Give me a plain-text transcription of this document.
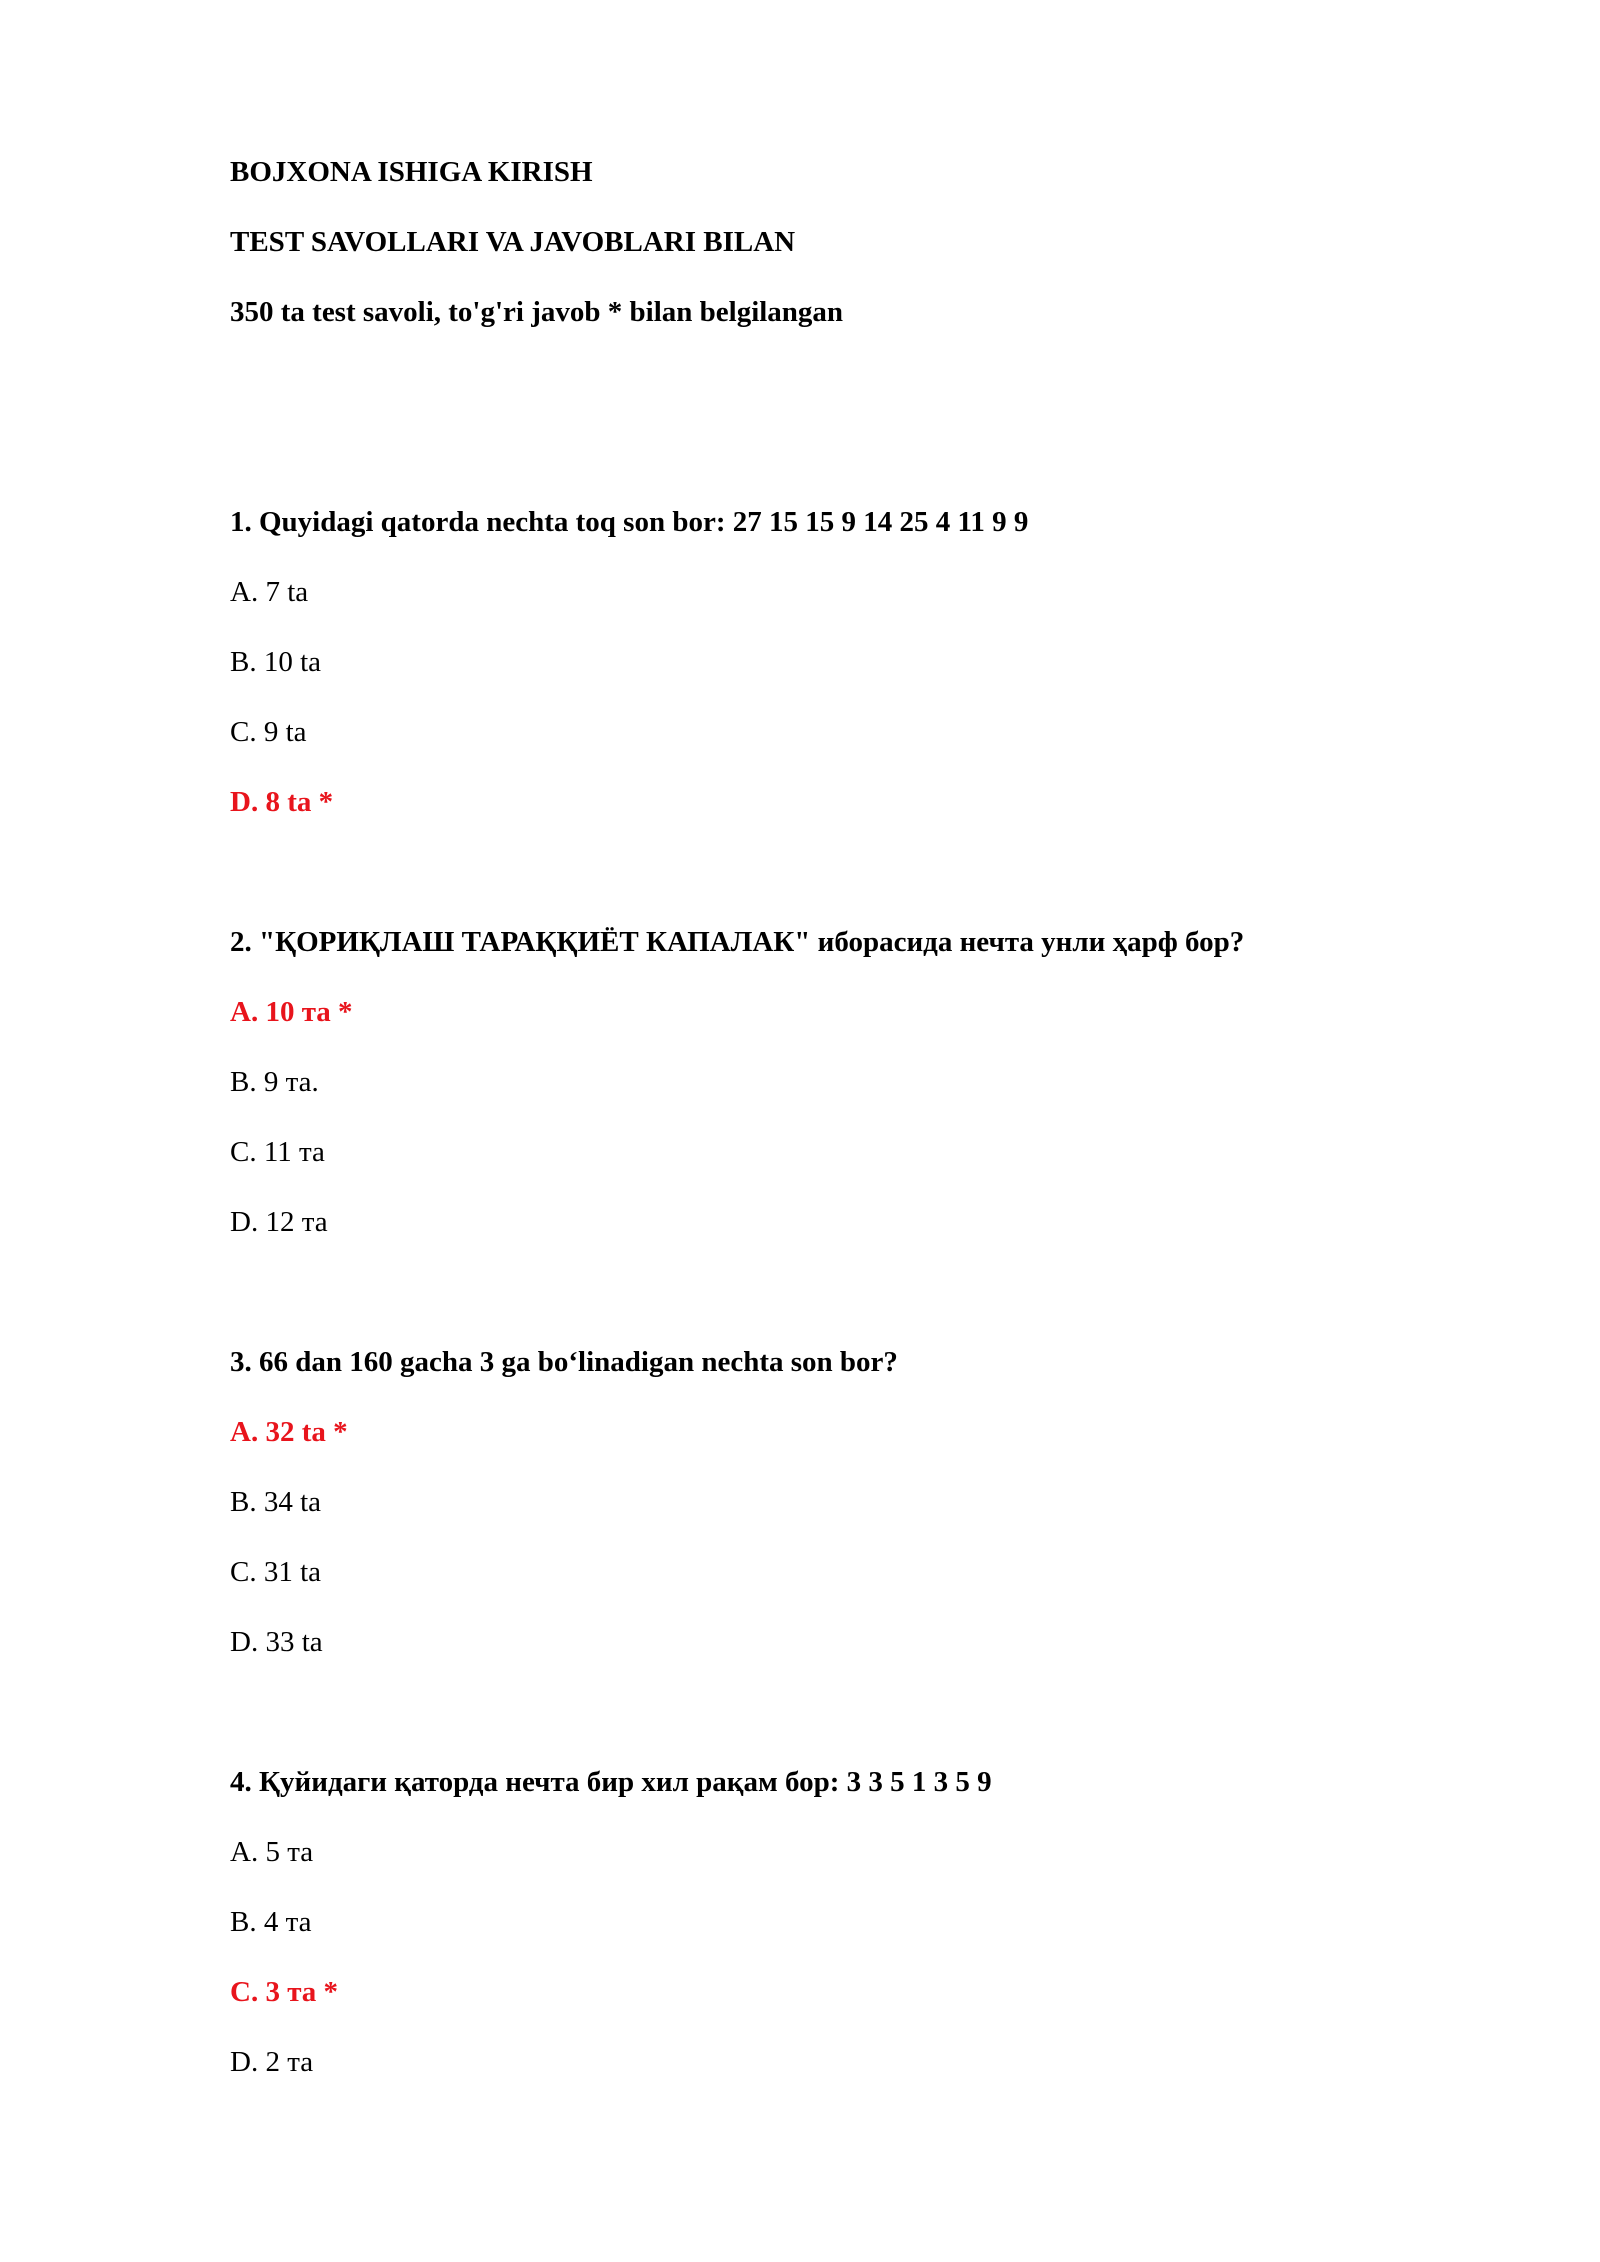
BOJXONA ISHIGA KIRISH
TEST SAVOLLARI VA JAVOBLARI BILAN
350 ta test savoli, to'g'ri javob * bilan belgilangan
1. Quyidagi qatorda nechta toq son bor: 27 15 15 9 14 25 4 11 9 9
A. 7 ta
B. 10 ta
C. 9 ta
D. 8 ta *
2. "ҚОРИҚЛАШ ТАРАҚҚИЁТ КАПАЛАК" иборасида нечта унли ҳарф бор?
A. 10 та *
B. 9 та.
C. 11 та
D. 12 та
3. 66 dan 160 gacha 3 ga bo‘linadigan nechta son bor?
A. 32 ta *
B. 34 ta
C. 31 ta
D. 33 ta
4. Қуйидаги қаторда нечта бир хил рақам бор: 3 3 5 1 3 5 9
A. 5 та
B. 4 та
C. 3 та *
D. 2 та
